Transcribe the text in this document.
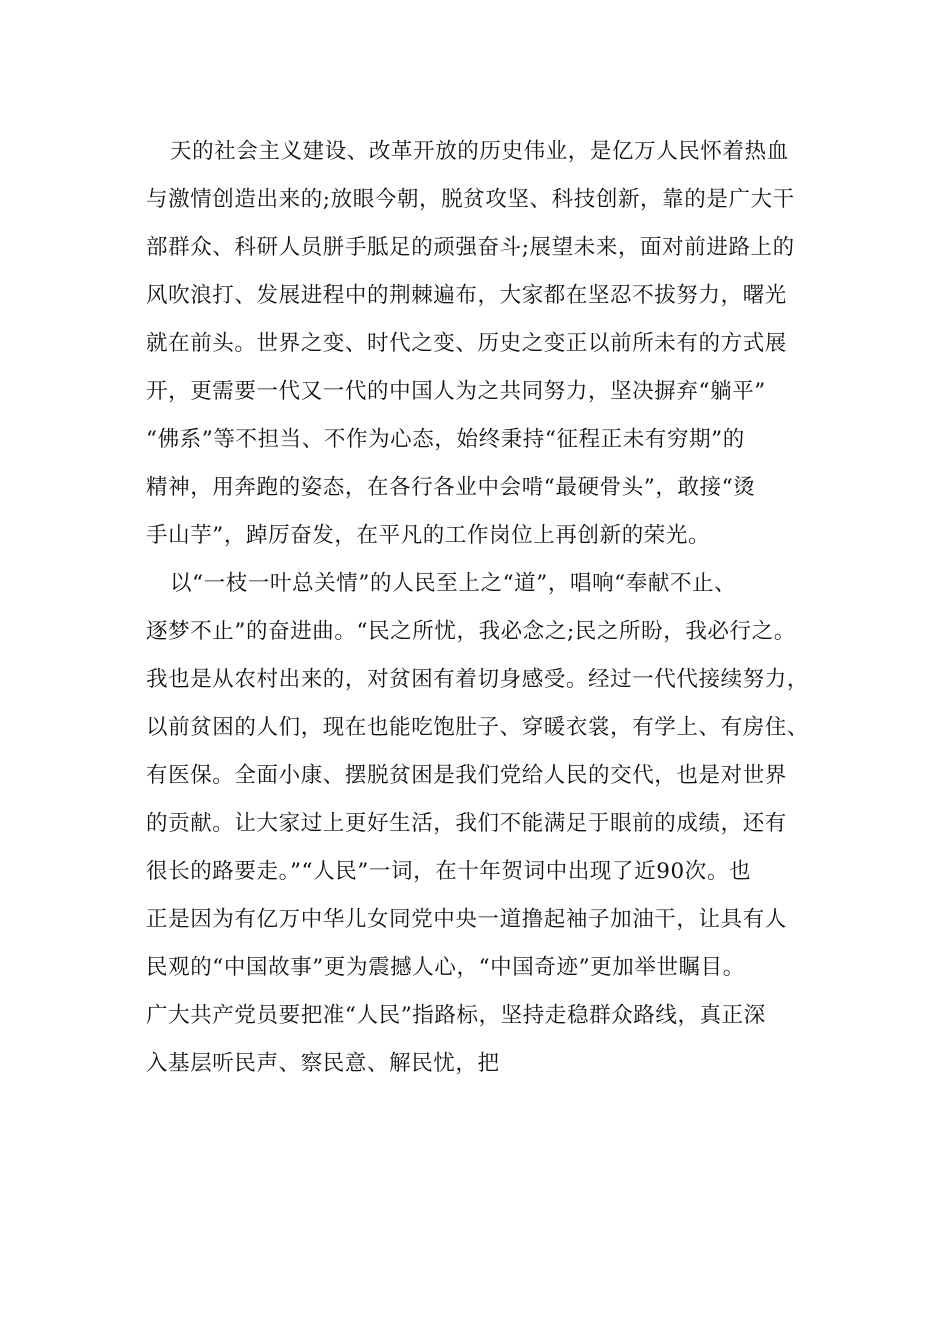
天的社会主义建设、改革开放的历史伟业，是亿万人民怀着热血
与激情创造出来的;放眼今朝，脱贫攻坚、科技创新，靠的是广大干
部群众、科研人员胼手胝足的顽强奋斗;展望未来，面对前进路上的
风吹浪打、发展进程中的荆棘遍布，大家都在坚忍不拔努力，曙光
就在前头。世界之变、时代之变、历史之变正以前所未有的方式展
开，更需要一代又一代的中国人为之共同努力，坚决摒弃“躺平”
“佛系”等不担当、不作为心态，始终秉持“征程正未有穷期”的
精神，用奔跑的姿态，在各行各业中会啃“最硬骨头”，敢接“烫
手山芋”，踔厉奋发，在平凡的工作岗位上再创新的荣光。
以“一枝一叶总关情”的人民至上之“道”，唱响“奉献不止、
逐梦不止”的奋进曲。“民之所忧，我必念之;民之所盼，我必行之。
我也是从农村出来的，对贫困有着切身感受。经过一代代接续努力，
以前贫困的人们，现在也能吃饱肚子、穿暖衣裳，有学上、有房住、
有医保。全面小康、摆脱贫困是我们党给人民的交代，也是对世界
的贡献。让大家过上更好生活，我们不能满足于眼前的成绩，还有
很长的路要走。”“人民”一词，在十年贺词中出现了近90次。也
正是因为有亿万中华儿女同党中央一道撸起袖子加油干，让具有人
民观的“中国故事”更为震撼人心，“中国奇迹”更加举世瞩目。
广大共产党员要把准“人民”指路标，坚持走稳群众路线，真正深
入基层听民声、察民意、解民忧，把
